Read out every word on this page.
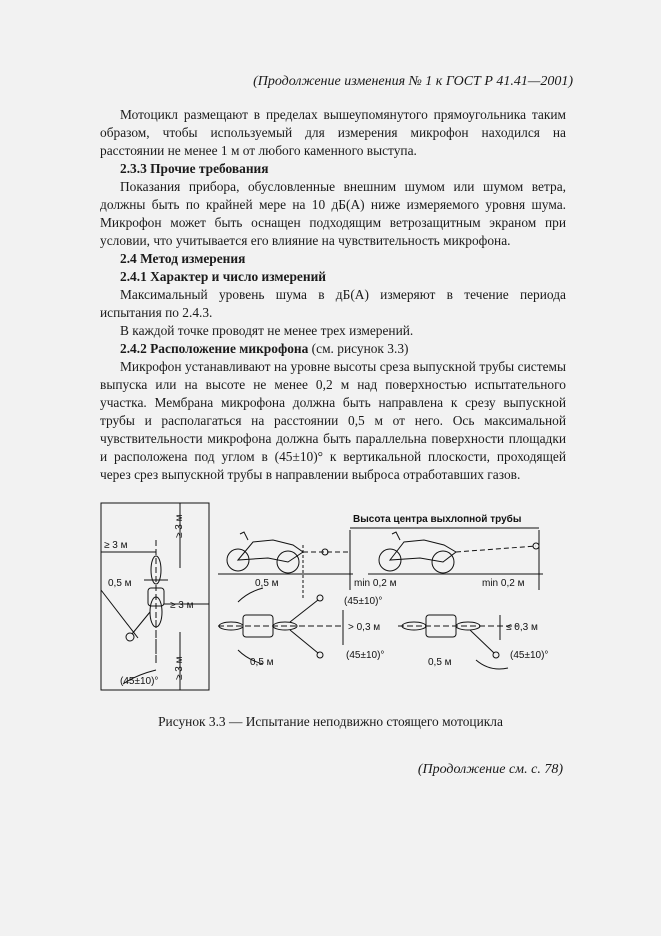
(Продолжение изменения № 1 к ГОСТ Р 41.41—2001)

Мотоцикл размещают в пределах вышеупомянутого прямоугольника таким образом, чтобы используемый для измерения микрофон находился на расстоянии не менее 1 м от любого каменного выступа.

2.3.3 Прочие требования

Показания прибора, обусловленные внешним шумом или шумом ветра, должны быть по крайней мере на 10 дБ(А) ниже измеряемого уровня шума. Микрофон может быть оснащен подходящим ветрозащитным экраном при условии, что учитывается его влияние на чувствительность микрофона.

2.4 Метод измерения

2.4.1 Характер и число измерений

Максимальный уровень шума в дБ(А) измеряют в течение периода испытания по 2.4.3.

В каждой точке проводят не менее трех измерений.

2.4.2 Расположение микрофона (см. рисунок 3.3)

Микрофон устанавливают на уровне высоты среза выпускной трубы системы выпуска или на высоте не менее 0,2 м над поверхностью испытательного участка. Мембрана микрофона должна быть направлена к срезу выпускной трубы и располагаться на расстоянии 0,5 м от него. Ось максимальной чувствительности микрофона должна быть параллельна поверхности площадки и расположена под углом в (45±10)° к вертикальной плоскости, проходящей через срез выпускной трубы в направлении выброса отработавших газов.

≥ 3 м
≥ 3 м
≥ 3 м
≥ 3 м
0,5 м
(45±10)°
Высота центра выхлопной трубы
0,5 м	min 0,2 м	min 0,2 м
(45±10)°
> 0,3 м	≤ 0,3 м
0,5 м
(45±10)°
0,5 м
(45±10)°
Рисунок 3.3 — Испытание неподвижно стоящего мотоцикла
(Продолжение см. с. 78)
